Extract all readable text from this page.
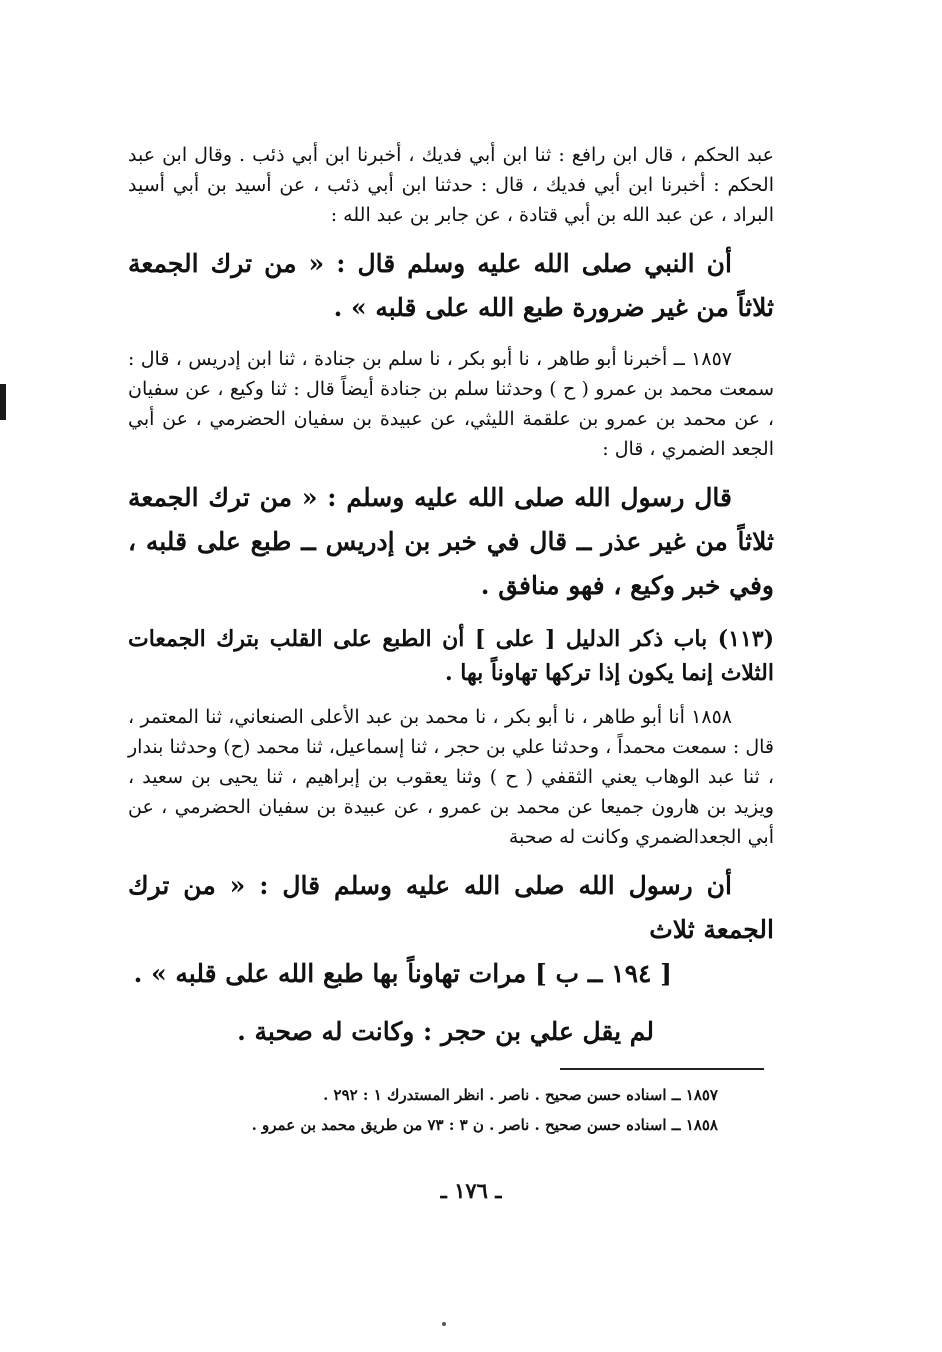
عبد الحكم ، قال ابن رافع : ثنا ابن أبي فديك ، أخبرنا ابن أبي ذئب . وقال ابن عبد الحكم : أخبرنا ابن أبي فديك ، قال : حدثنا ابن أبي ذئب ، عن أسيد بن أبي أسيد البراد ، عن عبد الله بن أبي قتادة ، عن جابر بن عبد الله :

أن النبي صلى الله عليه وسلم قال : « من ترك الجمعة ثلاثاً من غير ضرورة طبع الله على قلبه » .

١٨٥٧ ــ أخبرنا أبو طاهر ، نا أبو بكر ، نا سلم بن جنادة ، ثنا ابن إدريس ، قال : سمعت محمد بن عمرو ( ح ) وحدثنا سلم بن جنادة أيضاً قال : ثنا وكيع ، عن سفيان ، عن محمد بن عمرو بن علقمة الليثي، عن عبيدة بن سفيان الحضرمي ، عن أبي الجعد الضمري ، قال :

قال رسول الله صلى الله عليه وسلم : « من ترك الجمعة ثلاثاً من غير عذر ــ قال في خبر بن إدريس ــ طبع على قلبه ، وفي خبر وكيع ، فهو منافق .

(١١٣) باب ذكر الدليل [ على ] أن الطبع على القلب بترك الجمعات الثلاث إنما يكون إذا تركها تهاوناً بها .

١٨٥٨ أنا أبو طاهر ، نا أبو بكر ، نا محمد بن عبد الأعلى الصنعاني، ثنا المعتمر ، قال : سمعت محمداً ، وحدثنا علي بن حجر ، ثنا إسماعيل، ثنا محمد (ح) وحدثنا بندار ، ثنا عبد الوهاب يعني الثقفي ( ح ) وثنا يعقوب بن إبراهيم ، ثنا يحيى بن سعيد ، ويزيد بن هارون جميعا عن محمد بن عمرو ، عن عبيدة بن سفيان الحضرمي ، عن أبي الجعدالضمري وكانت له صحبة

أن رسول الله صلى الله عليه وسلم قال : « من ترك الجمعة ثلاث
[ ١٩٤ ــ ب ] مرات تهاوناً بها طبع الله على قلبه » .

لم يقل علي بن حجر : وكانت له صحبة .

١٨٥٧ ــ اسناده حسن صحيح . ناصر . انظر المستدرك ١ : ٢٩٢ .

١٨٥٨ ــ اسناده حسن صحيح . ناصر . ن ٣ : ٧٣ من طريق محمد بن عمرو .

ـ ١٧٦ ـ
